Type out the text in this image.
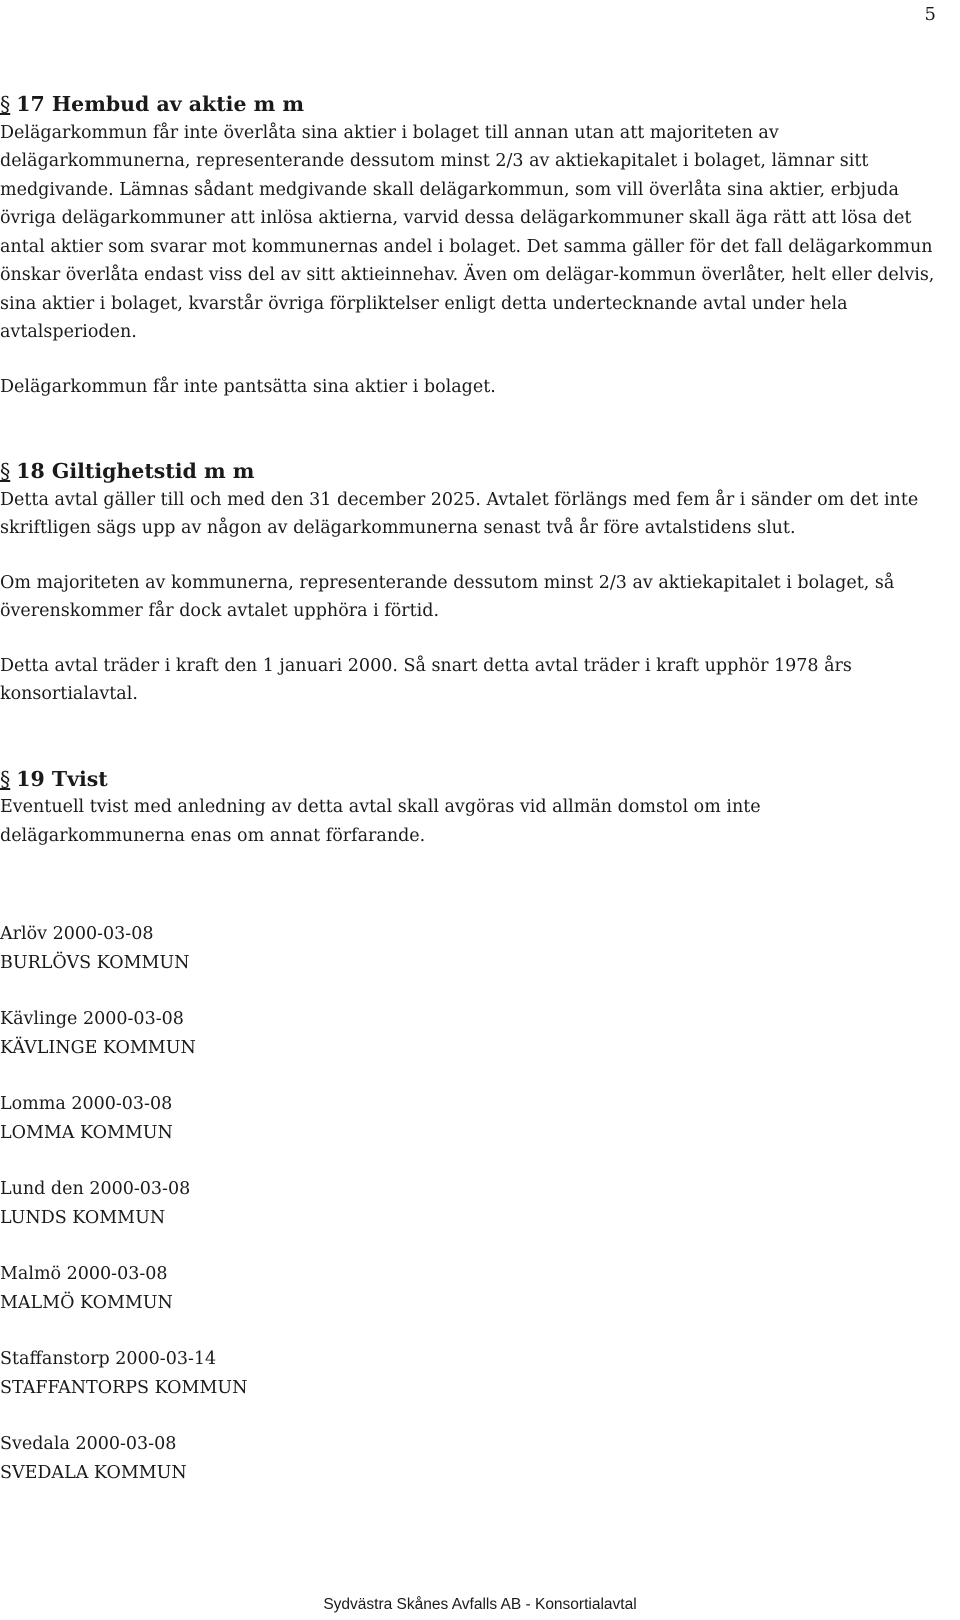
5
§ 17 Hembud av aktie m m

Delägarkommun får inte överlåta sina aktier i bolaget till annan utan att majoriteten av delägarkommunerna, representerande dessutom minst 2/3 av aktiekapitalet i bolaget, lämnar sitt medgivande. Lämnas sådant medgivande skall delägarkommun, som vill överlåta sina aktier, erbjuda övriga delägarkommuner att inlösa aktierna, varvid dessa delägarkommuner skall äga rätt att lösa det antal aktier som svarar mot kommunernas andel i bolaget. Det samma gäller för det fall delägarkommun önskar överlåta endast viss del av sitt aktieinnehav. Även om delägar-kommun överlåter, helt eller delvis, sina aktier i bolaget, kvarstår övriga förpliktelser enligt detta undertecknande avtal under hela avtalsperioden.

Delägarkommun får inte pantsätta sina aktier i bolaget.

§ 18 Giltighetstid m m

Detta avtal gäller till och med den 31 december 2025. Avtalet förlängs med fem år i sänder om det inte skriftligen sägs upp av någon av delägarkommunerna senast två år före avtalstidens slut.

Om majoriteten av kommunerna, representerande dessutom minst 2/3 av aktiekapitalet i bolaget, så överenskommer får dock avtalet upphöra i förtid.

Detta avtal träder i kraft den 1 januari 2000. Så snart detta avtal träder i kraft upphör 1978 års konsortialavtal.

§ 19 Tvist

Eventuell tvist med anledning av detta avtal skall avgöras vid allmän domstol om inte delägarkommunerna enas om annat förfarande.

Arlöv 2000-03-08
BURLÖVS KOMMUN
Kävlinge 2000-03-08
KÄVLINGE KOMMUN
Lomma 2000-03-08
LOMMA KOMMUN
Lund den 2000-03-08
LUNDS KOMMUN
Malmö 2000-03-08
MALMÖ KOMMUN
Staffanstorp 2000-03-14
STAFFANTORPS KOMMUN
Svedala 2000-03-08
SVEDALA KOMMUN
Sydvästra Skånes Avfalls AB - Konsortialavtal
